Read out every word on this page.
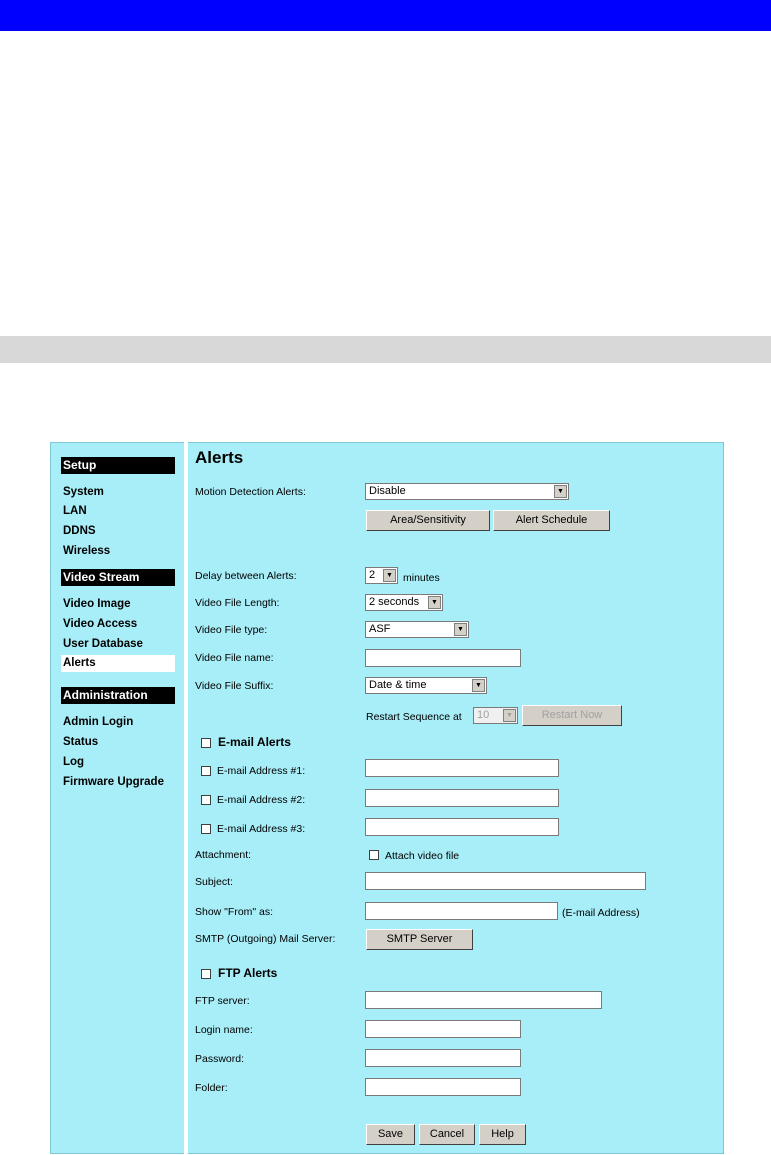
Setup
System
LAN
DDNS
Wireless
Video Stream
Video Image
Video Access
User Database
Alerts
Administration
Admin Login
Status
Log
Firmware Upgrade
Alerts
Motion Detection Alerts:	Disable	▼
Area/Sensitivity	Alert Schedule
Delay between Alerts:	2	▼ minutes
Video File Length:	2 seconds	▼
Video File type:	ASF	▼
Video File name:
Video File Suffix:	Date & time	▼
Restart Sequence at	10	▼	Restart Now
E-mail Alerts
E-mail Address #1:
E-mail Address #2:
E-mail Address #3:
Attachment:	Attach video file
Subject:
Show "From" as:	(E-mail Address)
SMTP (Outgoing) Mail Server:	SMTP Server
FTP Alerts
FTP server:
Login name:
Password:
Folder:
Save	Cancel	Help
